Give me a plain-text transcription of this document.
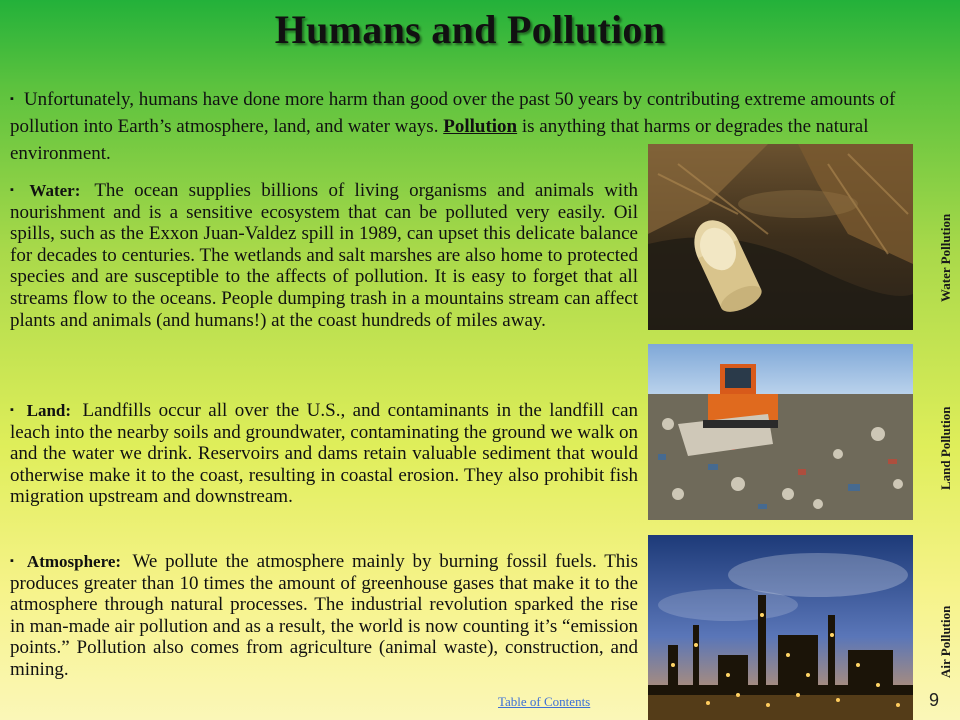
Humans and Pollution

▪ Unfortunately, humans have done more harm than good over the past 50 years by contributing extreme amounts of pollution into Earth’s atmosphere, land, and water ways. Pollution is anything that harms or degrades the natural environment.

▪ Water: The ocean supplies billions of living organisms and animals with nourishment and is a sensitive ecosystem that can be polluted very easily. Oil spills, such as the Exxon Juan-Valdez spill in 1989, can upset this delicate balance for decades to centuries. The wetlands and salt marshes are also home to protected species and are susceptible to the affects of pollution. It is easy to forget that all streams flow to the oceans. People dumping trash in a mountains stream can affect plants and animals (and humans!) at the coast hundreds of miles away.

▪ Land: Landfills occur all over the U.S., and contaminants in the landfill can leach into the nearby soils and groundwater, contaminating the ground we walk on and the water we drink. Reservoirs and dams retain valuable sediment that would otherwise make it to the coast, resulting in coastal erosion. They also prohibit fish migration upstream and downstream.

▪ Atmosphere: We pollute the atmosphere mainly by burning fossil fuels. This produces greater than 10 times the amount of greenhouse gases that make it to the atmosphere through natural processes. The industrial revolution sparked the rise in man-made air pollution and as a result, the world is now counting it’s “emission points.” Pollution also comes from agriculture (animal waste), construction, and mining.

Water Pollution
Land Pollution
Air Pollution
Table of Contents	9
